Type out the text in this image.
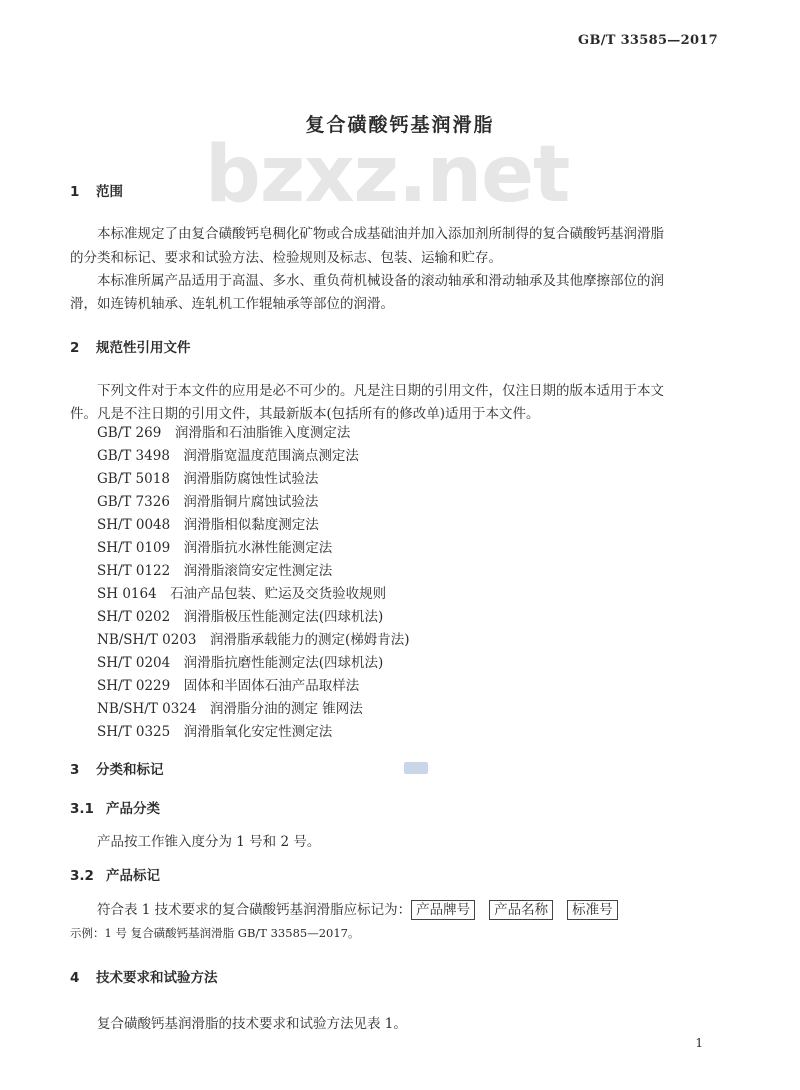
GB/T 33585—2017
bzxz.net
复合磺酸钙基润滑脂
1 范围
本标准规定了由复合磺酸钙皂稠化矿物或合成基础油并加入添加剂所制得的复合磺酸钙基润滑脂
的分类和标记、要求和试验方法、检验规则及标志、包装、运输和贮存。
本标准所属产品适用于高温、多水、重负荷机械设备的滚动轴承和滑动轴承及其他摩擦部位的润
滑，如连铸机轴承、连轧机工作辊轴承等部位的润滑。
2 规范性引用文件
下列文件对于本文件的应用是必不可少的。凡是注日期的引用文件，仅注日期的版本适用于本文
件。凡是不注日期的引用文件，其最新版本(包括所有的修改单)适用于本文件。
GB/T 269　润滑脂和石油脂锥入度测定法
GB/T 3498　润滑脂宽温度范围滴点测定法
GB/T 5018　润滑脂防腐蚀性试验法
GB/T 7326　润滑脂铜片腐蚀试验法
SH/T 0048　润滑脂相似黏度测定法
SH/T 0109　润滑脂抗水淋性能测定法
SH/T 0122　润滑脂滚筒安定性测定法
SH 0164　石油产品包装、贮运及交货验收规则
SH/T 0202　润滑脂极压性能测定法(四球机法)
NB/SH/T 0203　润滑脂承载能力的测定(梯姆肯法)
SH/T 0204　润滑脂抗磨性能测定法(四球机法)
SH/T 0229　固体和半固体石油产品取样法
NB/SH/T 0324　润滑脂分油的测定 锥网法
SH/T 0325　润滑脂氧化安定性测定法
3 分类和标记
3.1 产品分类
产品按工作锥入度分为 1 号和 2 号。
3.2 产品标记
符合表 1 技术要求的复合磺酸钙基润滑脂应标记为： 产品牌号 产品名称 标准号
示例：1 号 复合磺酸钙基润滑脂 GB/T 33585—2017。
4 技术要求和试验方法
复合磺酸钙基润滑脂的技术要求和试验方法见表 1。
1
